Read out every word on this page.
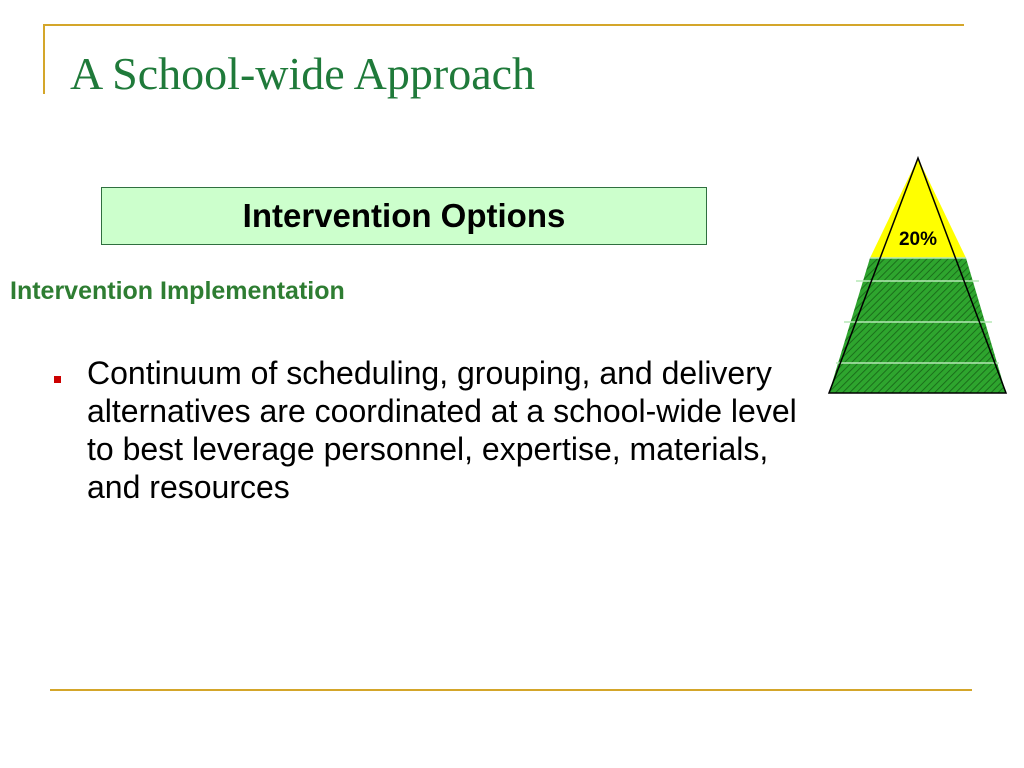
A School-wide Approach
Intervention Options
Intervention Implementation

Continuum of scheduling, grouping, and delivery alternatives are coordinated at a school-wide level to best leverage personnel, expertise, materials, and resources

20%
